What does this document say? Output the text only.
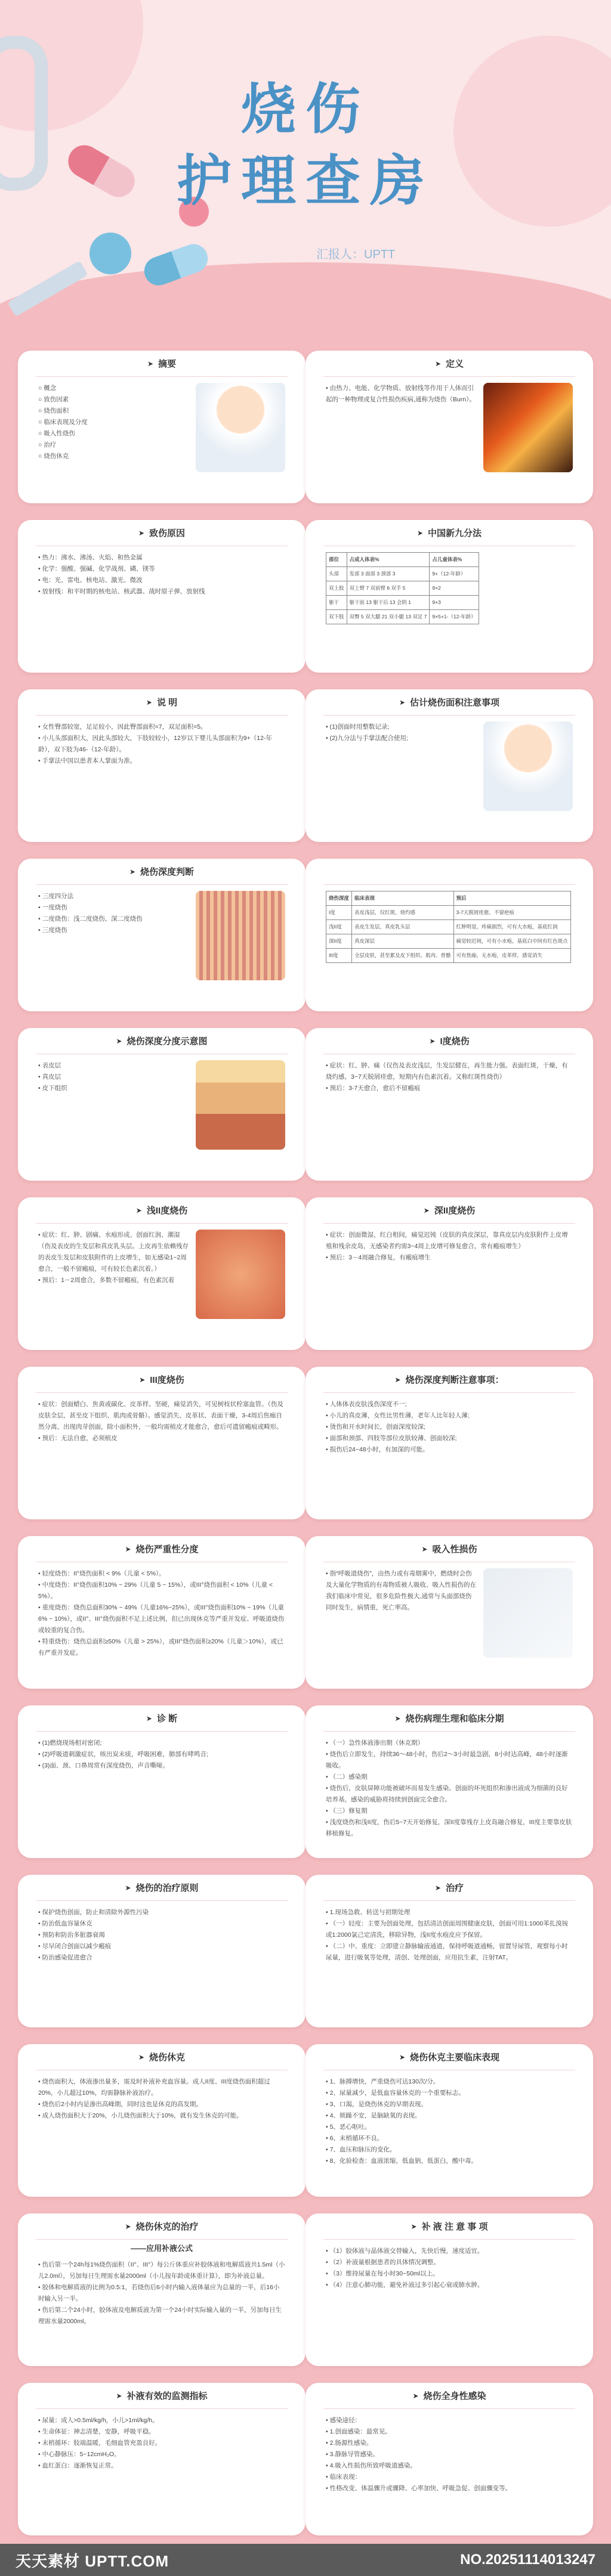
烧伤
护理查房
汇报人：UPTT
➤ 摘要
○ 概念
○ 致伤因素
○ 烧伤面积
○ 临床表现及分度
○ 吸入性烧伤
○ 治疗
○ 烧伤休克
➤ 定义
• 由热力、电能、化学物质、放射线等作用于人体而引起的一种物理或复合性损伤疾病,通称为烧伤（Burn）。
➤ 致伤原因
• 热力：沸水、沸汤、火焰、和热金属
• 化学：强酸、强碱、化学战剂、磷、镁等
• 电：光、雷电、核电站、激光、微波
• 放射线：和平时期的核电站、核武器、战时原子弹、放射线
➤ 中国新九分法
部位	占成人体表%	占儿童体表%
头部	发部 3 面部 3 颈部 3	9+（12-年龄）
双上肢	双上臂 7 双前臂 6 双手 5	9×2
躯干	躯干前 13 躯干后 13 会阴 1	9×3
双下肢	双臀 5 双大腿 21 双小腿 13 双足 7	9×5+1-（12-年龄）
➤ 说 明
• 女性臀部较宽，足足较小，因此臀部面积=7，双足面积=5。
• 小儿头部面积大，因此头部较大，下肢较较小，12岁以下婴儿头部面积为9+（12-年龄），双下肢为46-（12-年龄）。
• 手掌法中国以患者本人掌面为准。
➤ 估计烧伤面积注意事项
• (1)创面时用整数记录;
• (2)九分法与手掌法配合使用;
➤ 烧伤深度判断
• 三度四分法
• 一度烧伤
• 二度烧伤：浅二度烧伤、深二度烧伤
• 三度烧伤
烧伤深度	临床表现	预后
I度	表皮浅层，仅红斑，烧灼感	3-7天脱屑痊愈，不留疤痕
浅II度	表皮生发层，真皮乳头层	红肿明显，疼痛剧烈，可有大水疱，基底红润
深II度	真皮深层	痛觉较迟钝，可有小水疱，基底白中间有红色斑点
III度	全层皮肤，甚至累及皮下组织、肌肉、骨骼	可有焦痂，无水疱，皮革样，感觉消失
➤ 烧伤深度分度示意图
• 表皮层
• 真皮层
• 皮下组织
➤ I度烧伤
• 症状：红、肿、痛（仅伤及表皮浅层，生发层健在，再生能力强。表面红斑，干燥，有烧灼感，3~7天脱屑痊愈，短期内有色素沉着。又称红斑性烧伤）
• 预后：3-7天愈合，愈后不留瘢痕
➤ 浅II度烧伤
• 症状：红、肿、剧痛、水疱形成、创面红润、潮湿（伤及表皮的生发层和真皮乳头层。上皮再生依赖残存的表皮生发层和皮肤附件的上皮增生，如无感染1~2周愈合，一般不留瘢痕，可有较长色素沉着。）
• 预后：1－2周愈合，多数不留瘢痕，有色素沉着
➤ 深II度烧伤
• 症状：创面微湿，红白相间，痛觉迟钝（皮肤的真皮深层，靠真皮层内皮肤附件上皮增殖和残余皮岛，无感染者约需3~4周上皮增可修复愈合，常有瘢痕增生）
• 预后：3－4周融合修复，有瘢痕增生
➤ III度烧伤
• 症状：创面蜡白、焦黄或碳化、皮革样、坚硬，痛觉消失，可见树枝状栓塞血管。（伤及皮肤全层，甚至皮下组织、肌肉或骨骼）。感觉消失、皮革状、表面干燥，3-4周后焦痂自然分离，出现肉芽创面，除小面积外，一般均需植皮才能愈合，愈后可遗留瘢痕或畸形。
• 预后：无法自愈，必须植皮
➤ 烧伤深度判断注意事项：
• 人体体表皮肤浅伤深度不一;
• 小儿的真皮薄，女性比男性薄，老年人比年轻人薄;
• 烫伤和开水时间长，创面深度较深;
• 面部和颈部、四肢等部位皮肤较薄、创面较深;
• 损伤后24~48小时，有加深的可能。
➤ 烧伤严重性分度
• 轻度烧伤：II°烧伤面积 < 9%（儿童 < 5%）。
• 中度烧伤：II°烧伤面积10% ~ 29%（儿童 5 ~ 15%），或III°烧伤面积 < 10%（儿童 < 5%）。
• 重度烧伤：烧伤总面积30% ~ 49%（儿童16%~25%），或III°烧伤面积10% ~ 19%（儿童6% ~ 10%），或II°、III°烧伤面积不足上述比例，但已出现休克等严重并发症、呼吸道烧伤或较重的复合伤。
• 特重烧伤：烧伤总面积≥50%（儿童 > 25%），或III°烧伤面积≥20%（儿童＞10%），或已有严重并发症。
➤ 吸入性损伤
• 指“呼吸道烧伤”，由热力或有毒烟雾中，燃烧时会伤及大量化学物质的有毒物质被人吸收、吸入性损伤的在我们临床中常见，很多危险性极大,通常与头面部烧伤同时发生，病情重，死亡率高。
➤ 诊 断
• (1)燃烧现场相对密闭;
• (2)呼吸道刺激症状，咳出炭末痰，呼吸困难，肺部有哮鸣音;
• (3)面、颈、口鼻周常有深度烧伤，声音嘶哑。
➤ 烧伤病理生理和临床分期
• （一）急性体液渗出期（休克期）
• 烧伤后立即发生，持续36～48小时，伤后2～3小时最急剧，8小时达高峰，48小时逐渐吸收。
• （二）感染期
• 烧伤后，皮肤屏障功能被破坏而易发生感染。创面的坏死组织和渗出液成为细菌的良好培养基，感染的威胁将持续到创面完全愈合。
• （三）修复期
• 浅度烧伤和浅II度，伤后5~7天开始修复，深II度靠残存上皮岛融合修复，III度主要靠皮肤移植修复。
➤ 烧伤的治疗原则
• 保护烧伤创面，防止和清除外源性污染
• 防治低血容量休克
• 预防和防治多脏器衰竭
• 尽早闭合创面以减少瘢痕
• 防治感染促进愈合
➤ 治疗
• 1.现场急救、转送与初期处理
• （一）轻度：主要为创面处理，包括清洁创面周围健康皮肤，创面可用1:1000苯扎溴铵或1:2000氯己定清洗，移除异物，浅II度水疱皮应予保留。
• （二）中、重度：立即建立静脉输液通道，保持呼吸道通畅，留置导尿管，观察每小时尿量，进行吸氧等处理，清创、处理创面，应用抗生素，注射TAT。
➤ 烧伤休克
• 烧伤面积大，体液渗出量多，需及时补液补充血容量。成人II度、III度烧伤面积超过20%，小儿超过10%，均需静脉补液治疗。
• 烧伤后2小时内是渗出高峰期，同时这也是休克的高发期。
• 成人烧伤面积大于20%，小儿烧伤面积大于10%，就有发生休克的可能。
➤ 烧伤休克主要临床表现
• 1、脉搏增快，严重烧伤可达130次/分。
• 2、尿量减少，是低血容量休克的一个重要标志。
• 3、口渴，是烧伤休克的早期表现。
• 4、烦躁不安，是脑缺氧的表现。
• 5、恶心呕吐。
• 6、末梢循环不良。
• 7、血压和脉压的变化。
• 8、化验检查：血液浓缩，低血钠，低蛋白，酸中毒。
➤ 烧伤休克的治疗
——应用补液公式
• 伤后第一个24h每1%烧伤面积（II°、III°）每公斤体重应补胶体液和电解质液共1.5ml（小儿2.0ml），另加每日生理需水量2000ml（小儿按年龄或体重计算），即为补液总量。
• 胶体和电解质液的比例为0.5:1，若烧伤后6小时内输入液体量应为总量的一半，后16小时输入另一半。
• 伤后第二个24小时，胶体液及电解质液为第一个24小时实际输入量的一半，另加每日生理需水量2000ml。
➤ 补 液 注 意 事 项
• （1）胶体液与晶体液交替输入，先快后慢，速度适宜。
• （2）补液量根据患者的具体情况调整。
• （3）维持尿量在每小时30~50ml以上。
• （4）注意心肺功能，避免补液过多引起心衰或肺水肿。
➤ 补液有效的监测指标
• 尿量：成人>0.5ml/kg/h，小儿>1ml/kg/h。
• 生命体征：神志清楚，安静，呼吸平稳。
• 末梢循环：肢端温暖，毛细血管充盈良好。
• 中心静脉压：5~12cmH₂O。
• 血红蛋白：逐渐恢复正常。
➤ 烧伤全身性感染
• 感染途径：
• 1.创面感染：最常见。
• 2.肠源性感染。
• 3.静脉导管感染。
• 4.吸入性损伤所致呼吸道感染。
• 临床表现：
• 性格改变、体温骤升或骤降、心率加快、呼吸急促、创面骤变等。
天天素材 UPTT.COM	NO.20251114013247
